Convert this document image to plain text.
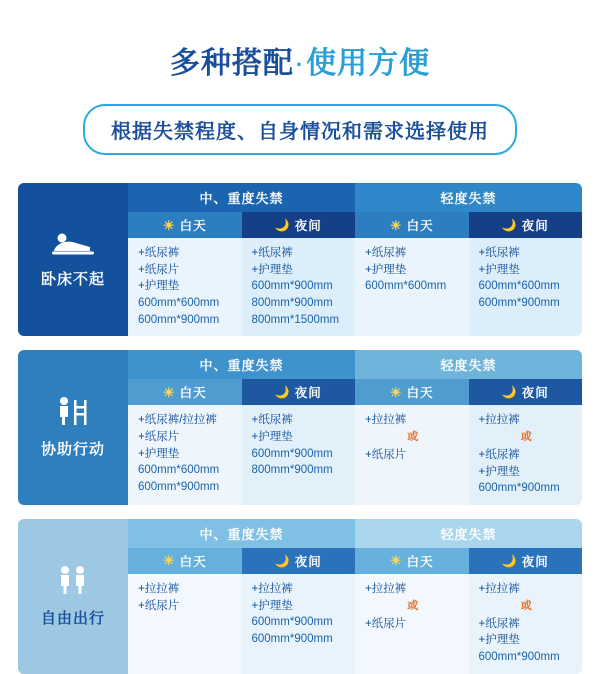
多种搭配·使用方便
根据失禁程度、自身情况和需求选择使用
卧床不起
中、重度失禁
☀ 白天
+纸尿裤
+纸尿片
+护理垫
600mm*600mm
600mm*900mm
🌙 夜间
+纸尿裤
+护理垫
600mm*900mm
800mm*900mm
800mm*1500mm
轻度失禁
☀ 白天
+纸尿裤
+护理垫
600mm*600mm
🌙 夜间
+纸尿裤
+护理垫
600mm*600mm
600mm*900mm
协助行动
中、重度失禁
☀ 白天
+纸尿裤/拉拉裤
+纸尿片
+护理垫
600mm*600mm
600mm*900mm
🌙 夜间
+纸尿裤
+护理垫
600mm*900mm
800mm*900mm
轻度失禁
☀ 白天
+拉拉裤
或
+纸尿片
🌙 夜间
+拉拉裤
或
+纸尿裤
+护理垫
600mm*900mm
自由出行
中、重度失禁
☀ 白天
+拉拉裤
+纸尿片
🌙 夜间
+拉拉裤
+护理垫
600mm*900mm
600mm*900mm
轻度失禁
☀ 白天
+拉拉裤
或
+纸尿片
🌙 夜间
+拉拉裤
或
+纸尿裤
+护理垫
600mm*900mm
